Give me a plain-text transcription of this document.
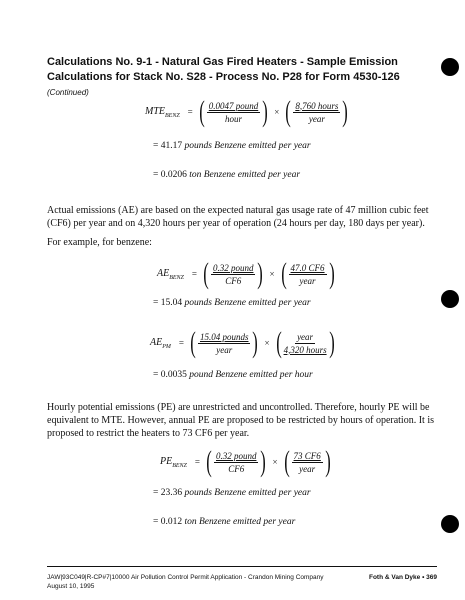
Calculations No. 9-1 - Natural Gas Fired Heaters - Sample Emission Calculations for Stack No. S28 - Process No. P28 for Form 4530-126 (Continued)
$MTE_{BENZ}$ = ( $\frac{\text{0.0047 pound}}{\text{hour}}$ ) × ( $\frac{\text{8,760 hours}}{\text{year}}$ )
= 41.17 pounds Benzene emitted per year
= 0.0206 ton Benzene emitted per year
Actual emissions (AE) are based on the expected natural gas usage rate of 47 million cubic feet (CF6) per year and on 4,320 hours per year of operation (24 hours per day, 180 days per year).
For example, for benzene:
$AE_{BENZ}$ = ( $\frac{\text{0.32 pound}}{CF6}$ ) × ( $\frac{47.0 CF6}{\text{year}}$ )
= 15.04 pounds Benzene emitted per year
$AE_{PM}$ = ( $\frac{\text{15.04 pounds}}{\text{year}}$ ) × ( $\frac{\text{year}}{\text{4,320 hours}}$ )
= 0.0035 pound Benzene emitted per hour
Hourly potential emissions (PE) are unrestricted and uncontrolled. Therefore, hourly PE will be equivalent to MTE. However, annual PE are proposed to be restricted by hours of operation. It is proposed to restrict the heaters to 73 CF6 per year.
$PE_{BENZ}$ = ( $\frac{\text{0.32 pound}}{CF6}$ ) × ( $\frac{73 CF6}{\text{year}}$ )
= 23.36 pounds Benzene emitted per year
= 0.012 ton Benzene emitted per year
JAW|93C049|R-CP#7|10000 Air Pollution Control Permit Application - Crandon Mining Company
August 10, 1995
Foth & Van Dyke • 369
